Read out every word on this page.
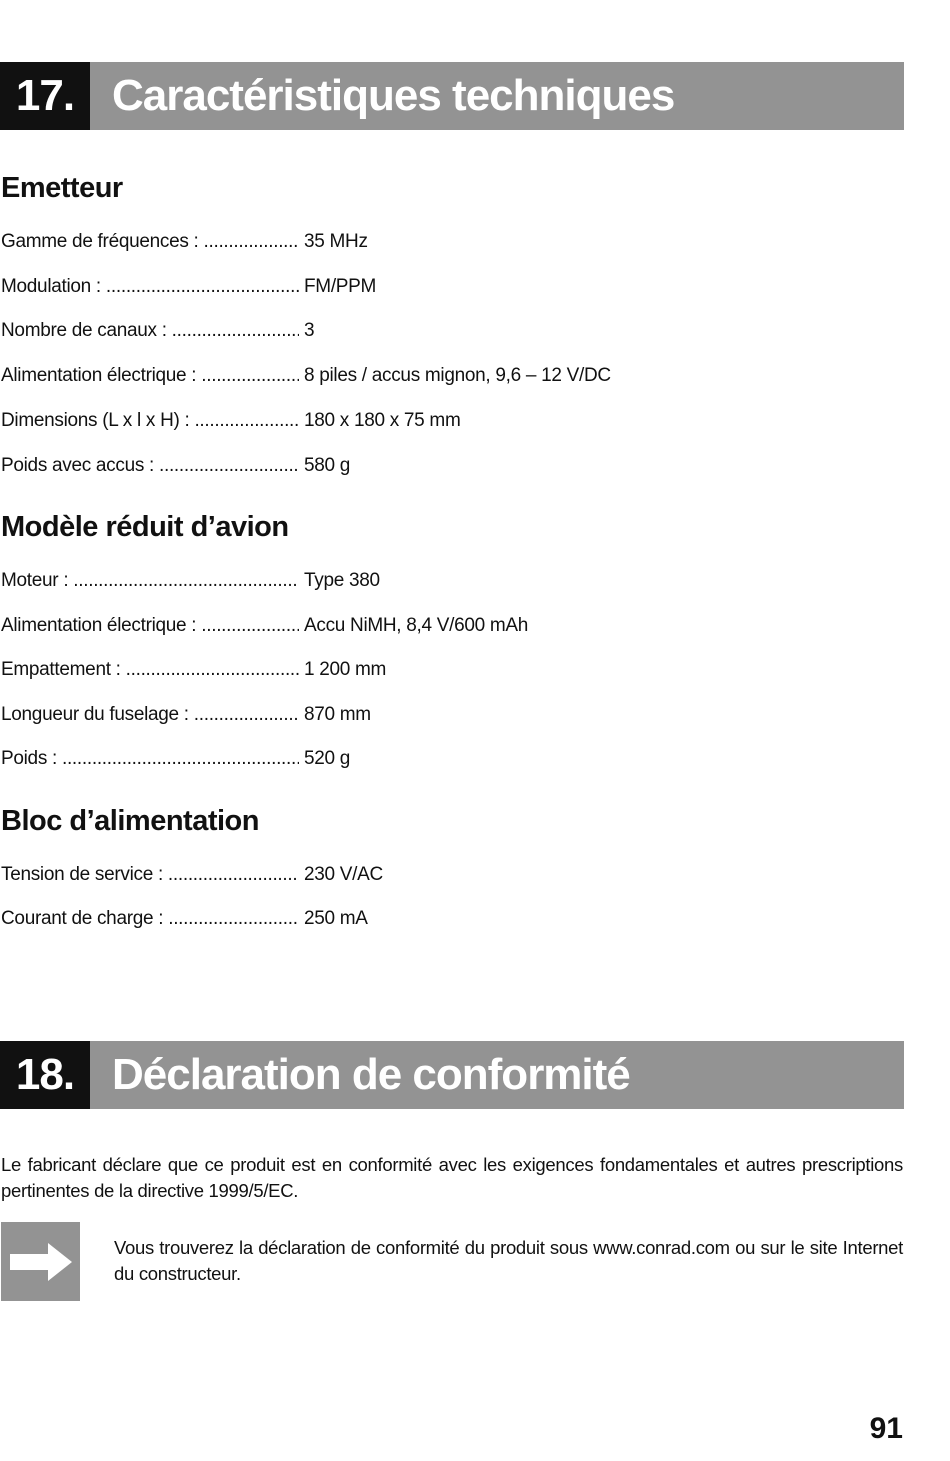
17. Caractéristiques techniques
Emetteur
Gamme de fréquences : .....	35 MHz
Modulation : .....	FM/PPM
Nombre de canaux : .....	3
Alimentation électrique : .....	8 piles / accus mignon, 9,6 – 12 V/DC
Dimensions (L x l x H) : .....	180 x 180 x 75 mm
Poids avec accus : .....	580 g
Modèle réduit d’avion
Moteur : .....	Type 380
Alimentation électrique : .....	Accu NiMH, 8,4 V/600 mAh
Empattement : .....	1 200 mm
Longueur du fuselage : .....	870 mm
Poids : .....	520 g
Bloc d’alimentation
Tension de service : .....	230 V/AC
Courant de charge : .....	250 mA
18. Déclaration de conformité
Le fabricant déclare que ce produit est en conformité avec les exigences fondamentales et autres prescriptions pertinentes de la directive 1999/5/EC.
Vous trouverez la déclaration de conformité du produit sous www.conrad.com ou sur le site Internet du constructeur.
91
